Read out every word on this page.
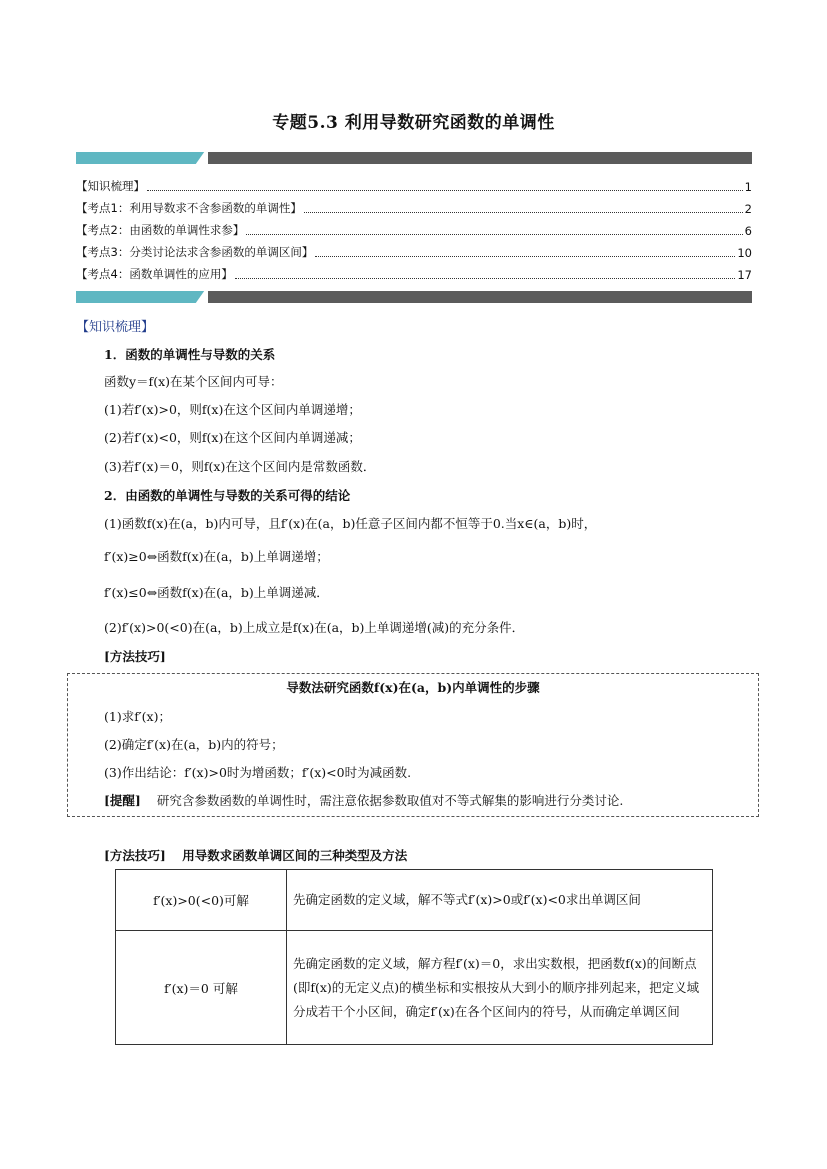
专题5.3 利用导数研究函数的单调性
【知识梳理】	1
【考点1：利用导数求不含参函数的单调性】	2
【考点2：由函数的单调性求参】	6
【考点3：分类讨论法求含参函数的单调区间】	10
【考点4：函数单调性的应用】	17
【知识梳理】
1．函数的单调性与导数的关系
函数y＝f(x)在某个区间内可导：
(1)若f′(x)>0，则f(x)在这个区间内单调递增；
(2)若f′(x)<0，则f(x)在这个区间内单调递减；
(3)若f′(x)＝0，则f(x)在这个区间内是常数函数．
2．由函数的单调性与导数的关系可得的结论
(1)函数f(x)在(a，b)内可导，且f′(x)在(a，b)任意子区间内都不恒等于0.当x∈(a，b)时，
f′(x)≥0⇔函数f(x)在(a，b)上单调递增；
f′(x)≤0⇔函数f(x)在(a，b)上单调递减．
(2)f′(x)>0(<0)在(a，b)上成立是f(x)在(a，b)上单调递增(减)的充分条件．
[方法技巧]
导数法研究函数f(x)在(a，b)内单调性的步骤
(1)求f′(x)；
(2)确定f′(x)在(a，b)内的符号；
(3)作出结论：f′(x)>0时为增函数；f′(x)<0时为减函数.
[提醒] 研究含参数函数的单调性时，需注意依据参数取值对不等式解集的影响进行分类讨论.
[方法技巧] 用导数求函数单调区间的三种类型及方法
f′(x)>0(<0)可解	先确定函数的定义域，解不等式f′(x)>0或f′(x)<0求出单调区间
f′(x)＝0 可解	先确定函数的定义域，解方程f′(x)＝0，求出实数根，把函数f(x)的间断点(即f(x)的无定义点)的横坐标和实根按从大到小的顺序排列起来，把定义域分成若干个小区间，确定f′(x)在各个区间内的符号，从而确定单调区间
